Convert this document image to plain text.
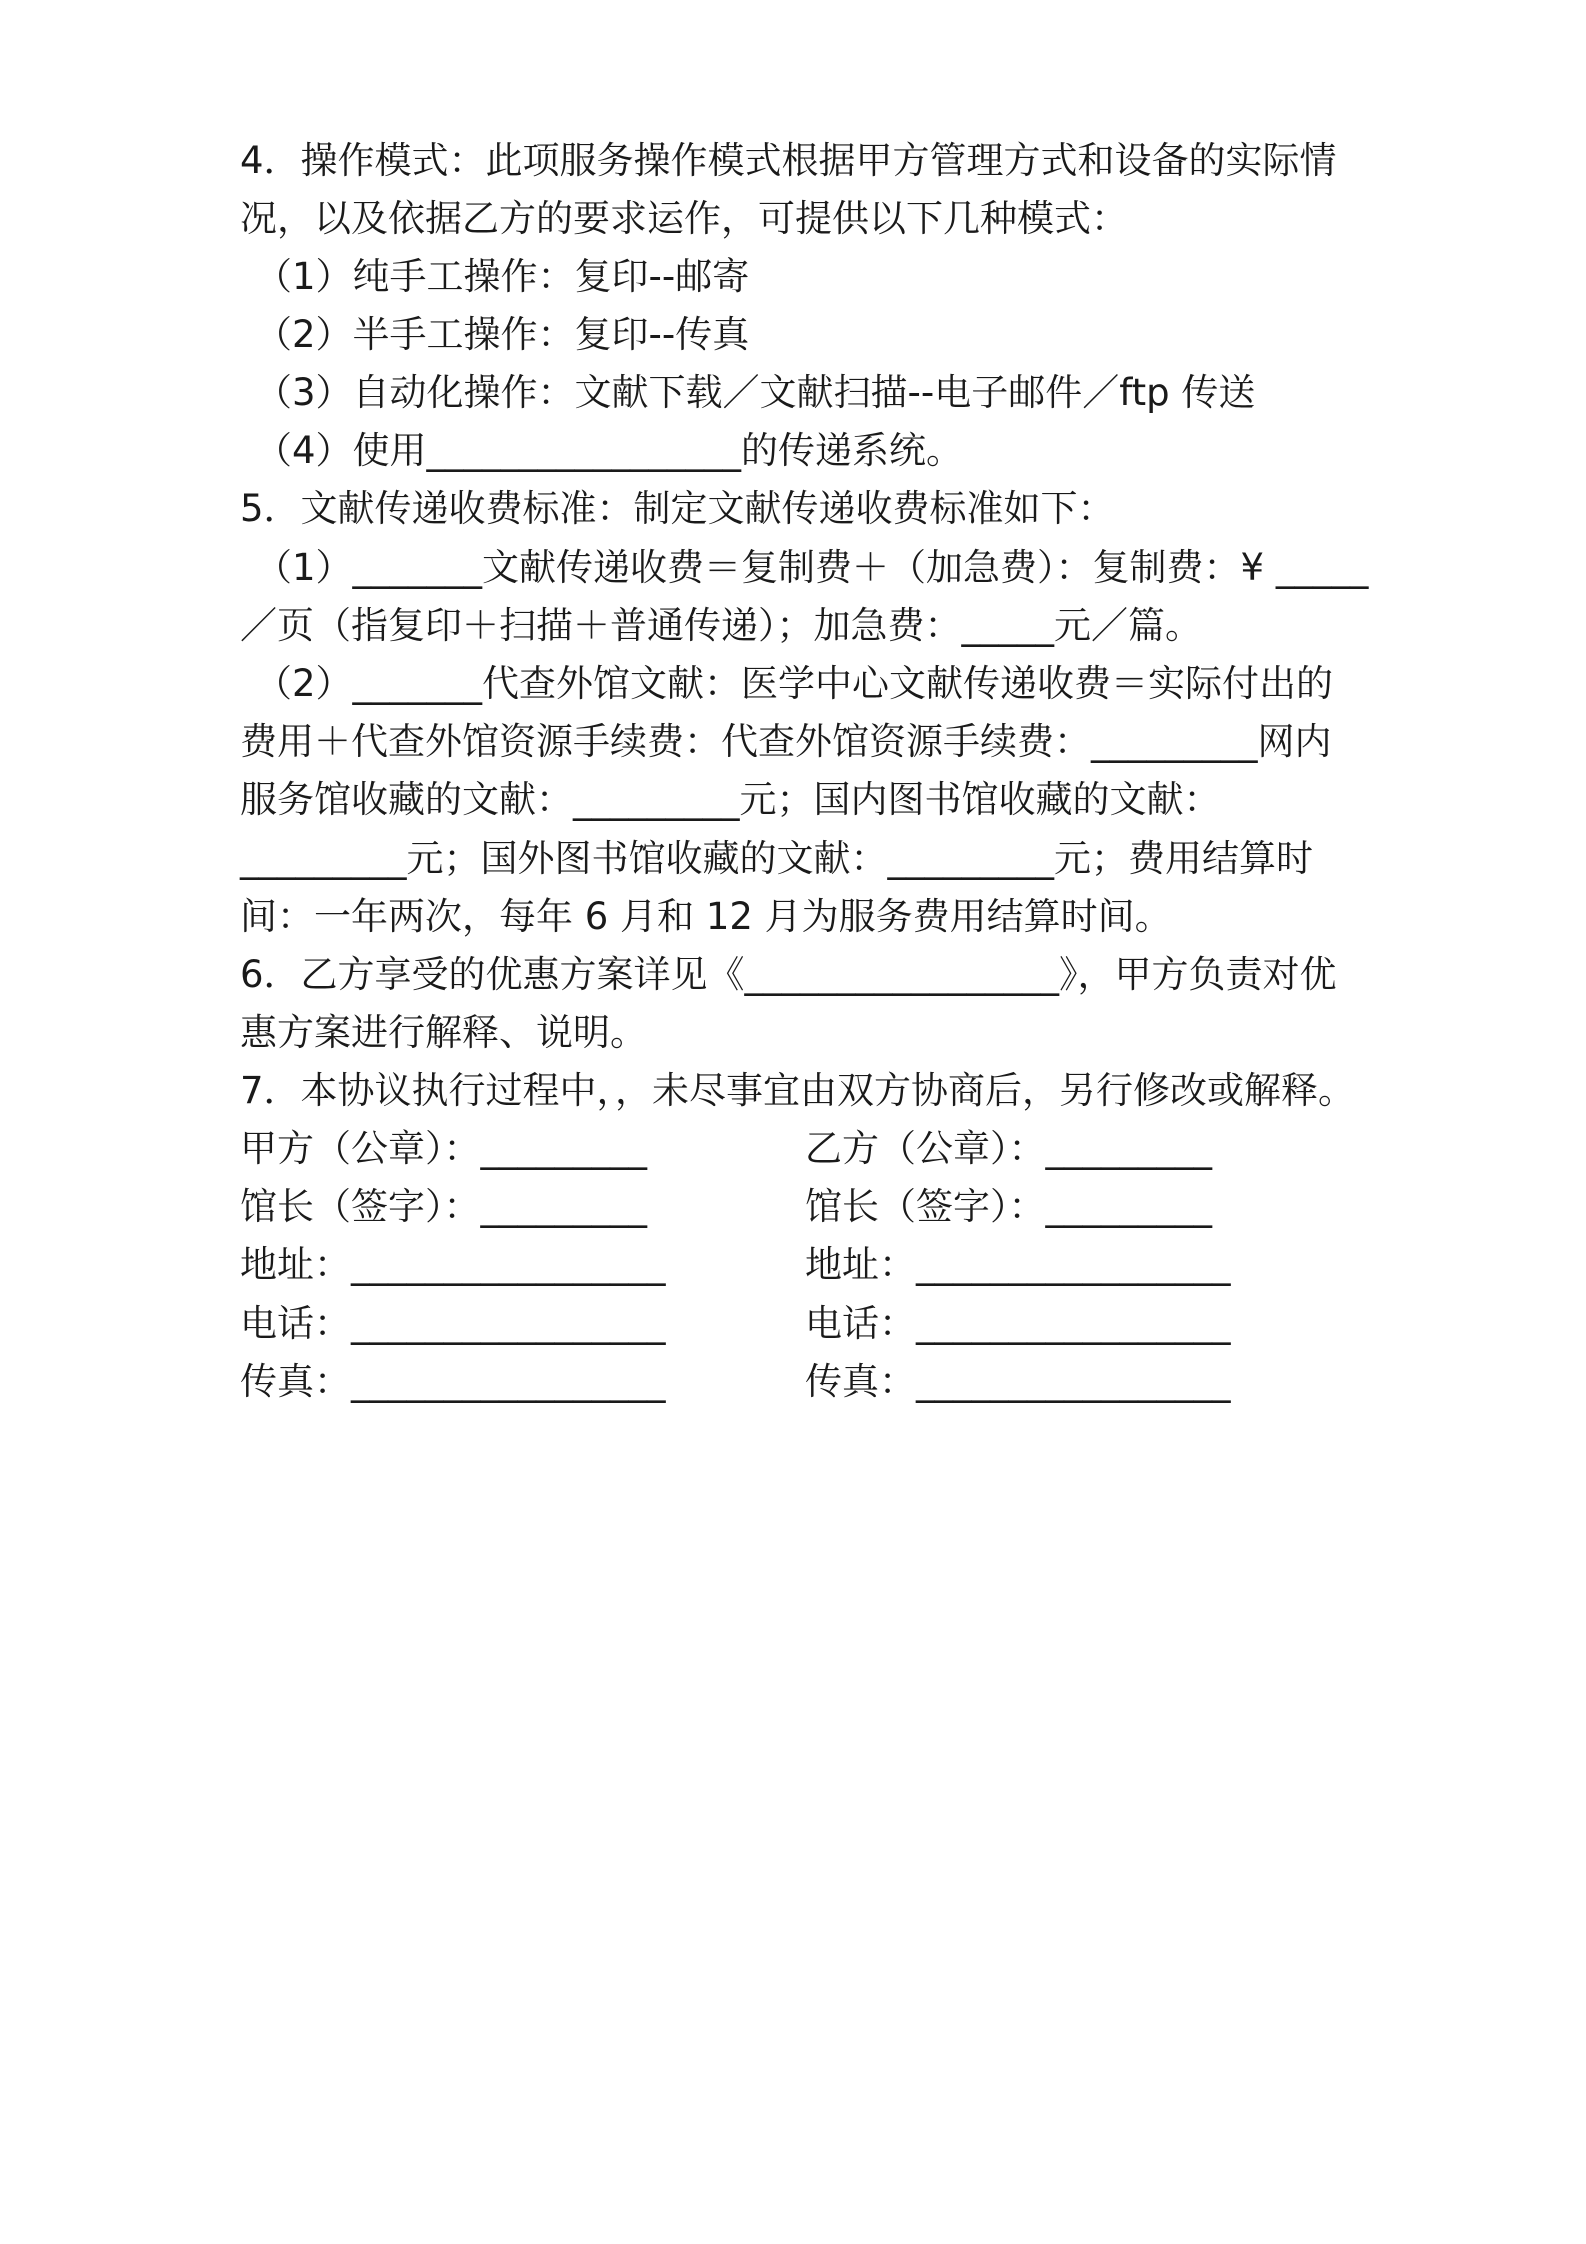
4．操作模式：此项服务操作模式根据甲方管理方式和设备的实际情
况，以及依据乙方的要求运作，可提供以下几种模式：
（1）纯手工操作：复印--邮寄
（2）半手工操作：复印--传真
（3）自动化操作：文献下载／文献扫描--电子邮件／ftp 传送
（4）使用_________________的传递系统。
5．文献传递收费标准：制定文献传递收费标准如下：
（1）_______文献传递收费＝复制费＋（加急费）：复制费：¥ _____
／页（指复印＋扫描＋普通传递）；加急费：_____元／篇。
（2）_______代查外馆文献：医学中心文献传递收费＝实际付出的
费用＋代查外馆资源手续费：代查外馆资源手续费：_________网内
服务馆收藏的文献：_________元；国内图书馆收藏的文献：
_________元；国外图书馆收藏的文献：_________元；费用结算时
间：一年两次，每年 6 月和 12 月为服务费用结算时间。
6．乙方享受的优惠方案详见《_________________》，甲方负责对优
惠方案进行解释、说明。
7．本协议执行过程中，，未尽事宜由双方协商后，另行修改或解释。
甲方（公章）：_________	乙方（公章）：_________
馆长（签字）：_________	馆长（签字）：_________
地址：_________________	地址：_________________
电话：_________________	电话：_________________
传真：_________________	传真：_________________
